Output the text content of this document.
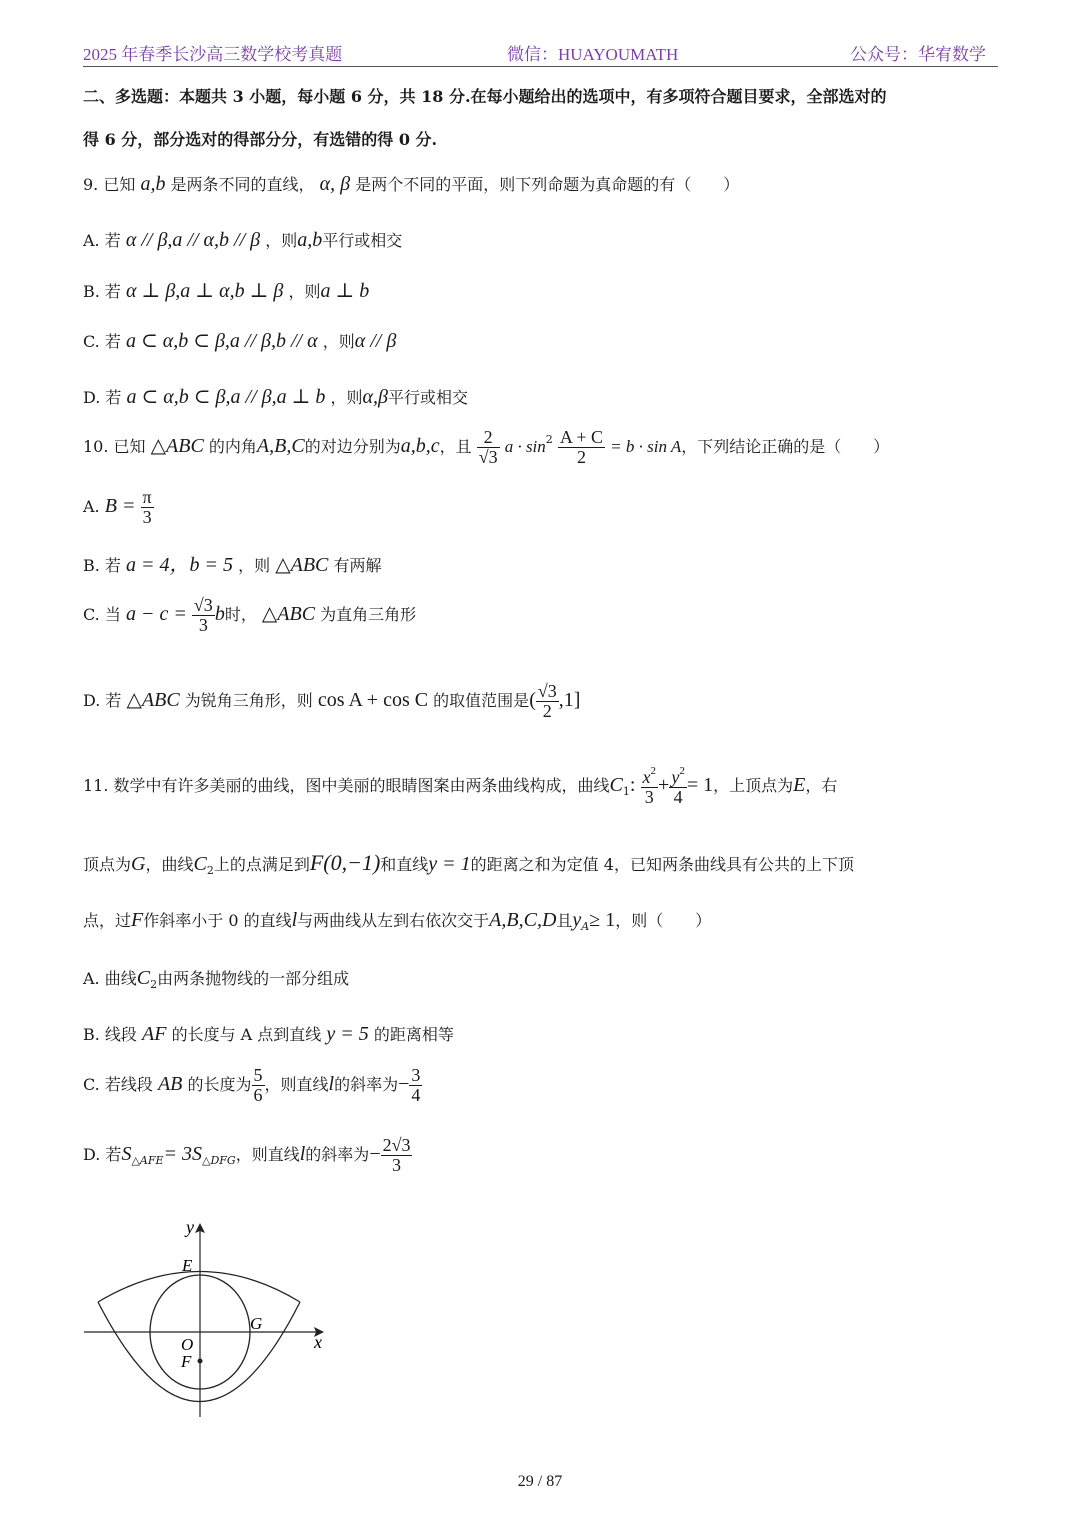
2025 年春季长沙高三数学校考真题	微信：HUAYOUMATH	公众号：华宥数学
二、多选题：本题共 3 小题，每小题 6 分，共 18 分.在每小题给出的选项中，有多项符合题目要求，全部选对的
得 6 分，部分选对的得部分分，有选错的得 0 分.
9. 已知 a,b 是两条不同的直线， α, β 是两个不同的平面，则下列命题为真命题的有（　　）
A. 若 α // β,a // α,b // β ，则a,b平行或相交
B. 若 α ⊥ β,a ⊥ α,b ⊥ β ，则a ⊥ b
C. 若 a ⊂ α,b ⊂ β,a // β,b // α ，则α // β
D. 若 a ⊂ α,b ⊂ β,a // β,a ⊥ b ，则α,β平行或相交
10. 已知 △ABC 的内角A,B,C的对边分别为a,b,c，且 $\frac{2}{√3}$ $a \cdot \sin^2 \frac{A + C}{2} = b \cdot \sin A$，下列结论正确的是（　　）
A. $B = \frac{\pi}{3}$
B. 若 a = 4，b = 5 ，则 △ABC 有两解
C. 当 $a - c = \frac{√3}{3}$ b时， △ABC 为直角三角形
D. 若 △ABC 为锐角三角形，则 cos A + cos C 的取值范围是( $\frac{√3}{2} ,1$]
11. 数学中有许多美丽的曲线，图中美丽的眼睛图案由两条曲线构成，曲线$C_1$: $\frac{x^2}{3} + \frac{y^2}{4} = 1$，上顶点为E，右
顶点为G，曲线$C_2$上的点满足到F(0,−1)和直线y = 1的距离之和为定值 4，已知两条曲线具有公共的上下顶
点，过F作斜率小于 0 的直线l与两曲线从左到右依次交于A,B,C,D且$y_A\ge 1$，则（　　）
A. 曲线$C_2$由两条抛物线的一部分组成
B. 线段 AF 的长度与 A 点到直线 y = 5 的距离相等
C. 若线段 AB 的长度为 $\frac{5}{6}$ ，则直线l的斜率为− $\frac{3}{4}$
D. 若$S_{\triangle AFE}= 3S_{\triangle DFG}$，则直线l的斜率为− $\frac{2√3}{3}$
y
x
E
G
O
F
29 / 87
